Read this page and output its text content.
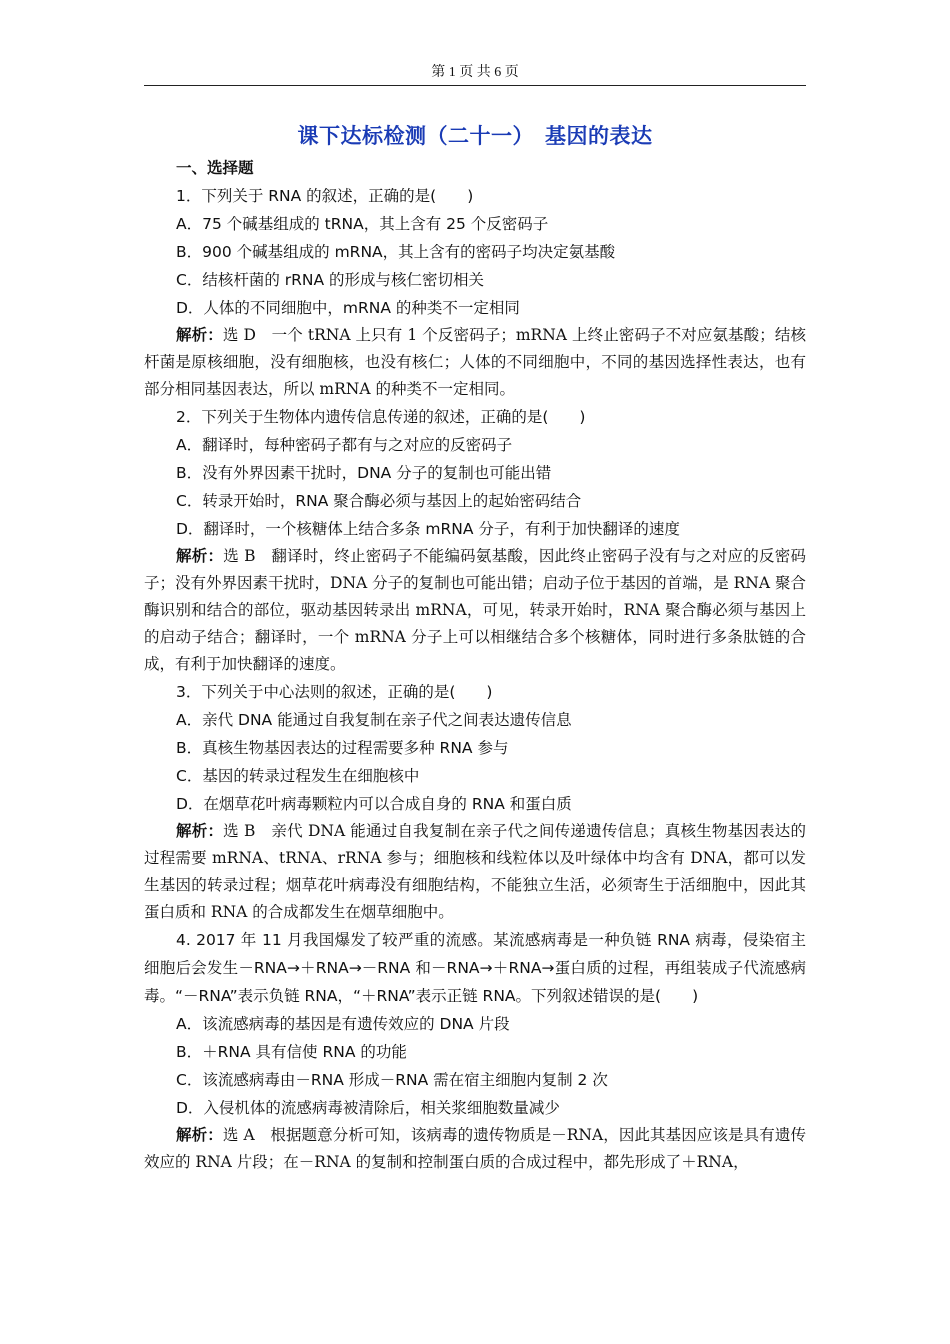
第 1 页 共 6 页
课下达标检测（二十一）　基因的表达
一、选择题
1．下列关于 RNA 的叙述，正确的是(　　)
A．75 个碱基组成的 tRNA，其上含有 25 个反密码子
B．900 个碱基组成的 mRNA，其上含有的密码子均决定氨基酸
C．结核杆菌的 rRNA 的形成与核仁密切相关
D．人体的不同细胞中，mRNA 的种类不一定相同
解析：选 D　一个 tRNA 上只有 1 个反密码子；mRNA 上终止密码子不对应氨基酸；结核杆菌是原核细胞，没有细胞核，也没有核仁；人体的不同细胞中，不同的基因选择性表达，也有部分相同基因表达，所以 mRNA 的种类不一定相同。
2．下列关于生物体内遗传信息传递的叙述，正确的是(　　)
A．翻译时，每种密码子都有与之对应的反密码子
B．没有外界因素干扰时，DNA 分子的复制也可能出错
C．转录开始时，RNA 聚合酶必须与基因上的起始密码结合
D．翻译时，一个核糖体上结合多条 mRNA 分子，有利于加快翻译的速度
解析：选 B　翻译时，终止密码子不能编码氨基酸，因此终止密码子没有与之对应的反密码子；没有外界因素干扰时，DNA 分子的复制也可能出错；启动子位于基因的首端，是 RNA 聚合酶识别和结合的部位，驱动基因转录出 mRNA，可见，转录开始时，RNA 聚合酶必须与基因上的启动子结合；翻译时，一个 mRNA 分子上可以相继结合多个核糖体，同时进行多条肽链的合成，有利于加快翻译的速度。
3．下列关于中心法则的叙述，正确的是(　　)
A．亲代 DNA 能通过自我复制在亲子代之间表达遗传信息
B．真核生物基因表达的过程需要多种 RNA 参与
C．基因的转录过程发生在细胞核中
D．在烟草花叶病毒颗粒内可以合成自身的 RNA 和蛋白质
解析：选 B　亲代 DNA 能通过自我复制在亲子代之间传递遗传信息；真核生物基因表达的过程需要 mRNA、tRNA、rRNA 参与；细胞核和线粒体以及叶绿体中均含有 DNA，都可以发生基因的转录过程；烟草花叶病毒没有细胞结构，不能独立生活，必须寄生于活细胞中，因此其蛋白质和 RNA 的合成都发生在烟草细胞中。
4. 2017 年 11 月我国爆发了较严重的流感。某流感病毒是一种负链 RNA 病毒，侵染宿主细胞后会发生－RNA→＋RNA→－RNA 和－RNA→＋RNA→蛋白质的过程，再组装成子代流感病毒。“－RNA”表示负链 RNA，“＋RNA”表示正链 RNA。下列叙述错误的是(　　)
A．该流感病毒的基因是有遗传效应的 DNA 片段
B．＋RNA 具有信使 RNA 的功能
C．该流感病毒由－RNA 形成－RNA 需在宿主细胞内复制 2 次
D．入侵机体的流感病毒被清除后，相关浆细胞数量减少
解析：选 A　根据题意分析可知，该病毒的遗传物质是－RNA，因此其基因应该是具有遗传效应的 RNA 片段；在－RNA 的复制和控制蛋白质的合成过程中，都先形成了＋RNA，
